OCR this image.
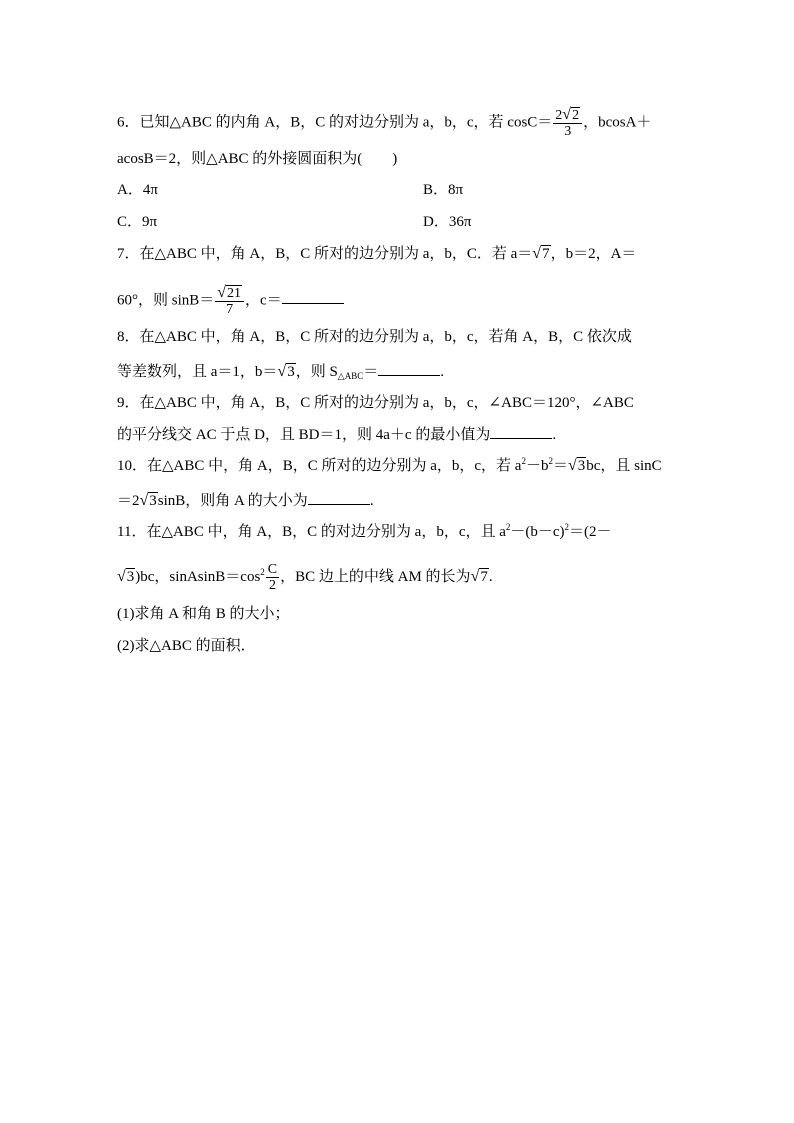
6．已知△ABC 的内角 A，B，C 的对边分别为 a，b，c，若 $\cos C= \frac{2√2}{3}$ ，bcosA＋
acosB＝2，则△ABC 的外接圆面积为(　　)
A．4π	B．8π
C．9π	D．36π
7．在△ABC 中，角 A，B，C 所对的边分别为 a，b，C．若 a＝√7，b＝2，A＝
60°，则 $\sin B= \frac{√21}{7}$ ，c＝
8．在△ABC 中，角 A，B，C 所对的边分别为 a，b，c，若角 A，B，C 依次成
等差数列，且 a＝1，b＝√3，则 $S_{\triangle ABC}=$	.
9．在△ABC 中，角 A，B，C 所对的边分别为 a，b，c，∠ABC＝120°，∠ABC
的平分线交 AC 于点 D，且 BD＝1，则 4a＋c 的最小值为	.
10．在△ABC 中，角 A，B，C 所对的边分别为 a，b，c，若 $a^2-b^2=√3bc$，且 sinC
＝2√3sinB，则角 A 的大小为	.
11．在△ABC 中，角 A，B，C 的对边分别为 a，b，c，且 $a^2-(b-c)^2=(2-$
√3)bc，$sinAsinB=\cos^2 \frac{C}{2}$ ，BC 边上的中线 AM 的长为√7.
(1)求角 A 和角 B 的大小；
(2)求△ABC 的面积．
